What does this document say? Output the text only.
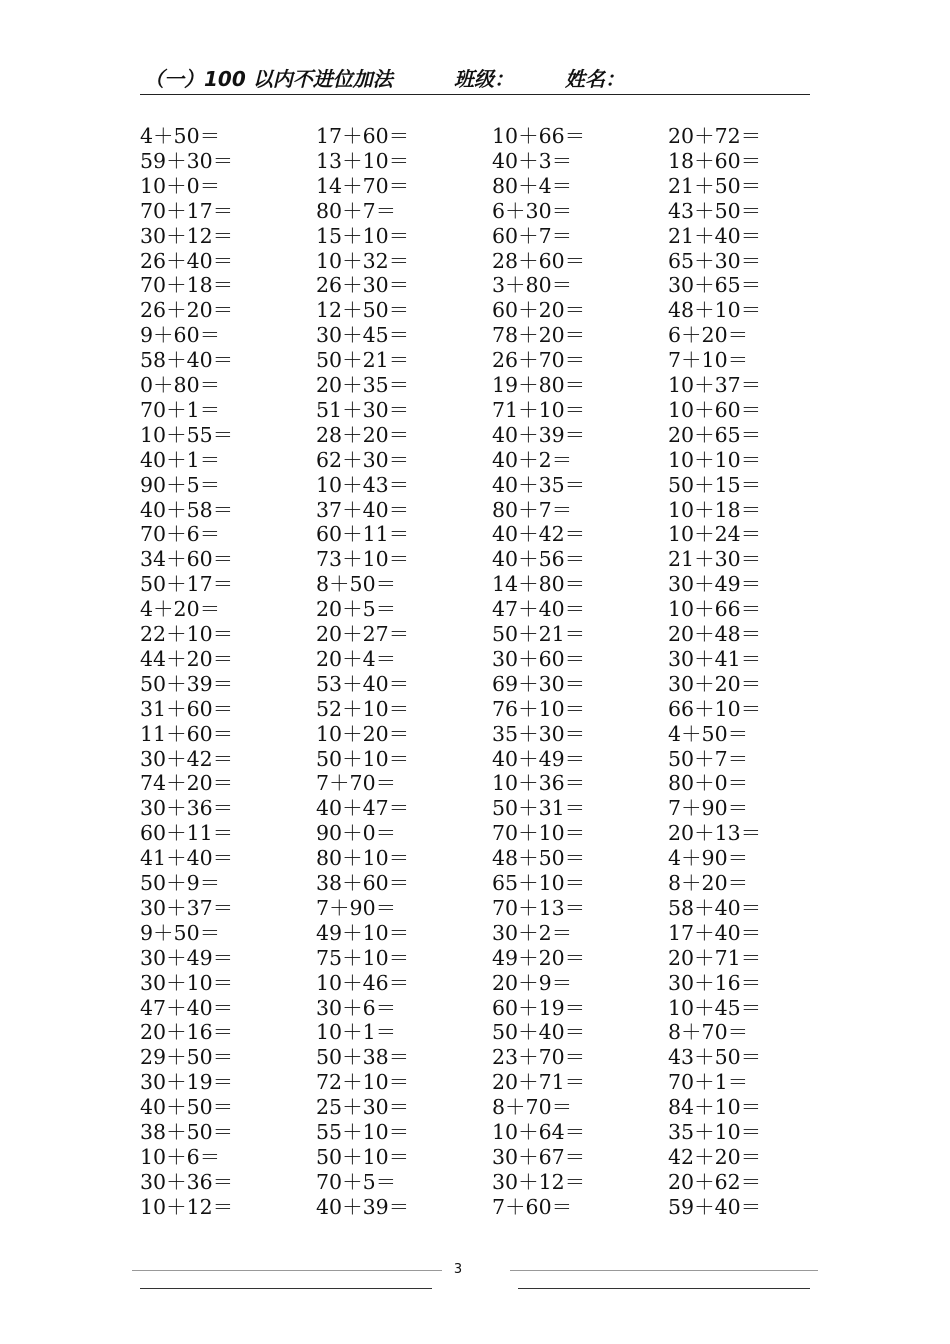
（一）100 以内不进位加法	班级：	姓名：
4＋50＝
59＋30＝
10＋0＝
70＋17＝
30＋12＝
26＋40＝
70＋18＝
26＋20＝
9＋60＝
58＋40＝
0＋80＝
70＋1＝
10＋55＝
40＋1＝
90＋5＝
40＋58＝
70＋6＝
34＋60＝
50＋17＝
4＋20＝
22＋10＝
44＋20＝
50＋39＝
31＋60＝
11＋60＝
30＋42＝
74＋20＝
30＋36＝
60＋11＝
41＋40＝
50＋9＝
30＋37＝
9＋50＝
30＋49＝
30＋10＝
47＋40＝
20＋16＝
29＋50＝
30＋19＝
40＋50＝
38＋50＝
10＋6＝
30＋36＝
10＋12＝
17＋60＝
13＋10＝
14＋70＝
80＋7＝
15＋10＝
10＋32＝
26＋30＝
12＋50＝
30＋45＝
50＋21＝
20＋35＝
51＋30＝
28＋20＝
62＋30＝
10＋43＝
37＋40＝
60＋11＝
73＋10＝
8＋50＝
20＋5＝
20＋27＝
20＋4＝
53＋40＝
52＋10＝
10＋20＝
50＋10＝
7＋70＝
40＋47＝
90＋0＝
80＋10＝
38＋60＝
7＋90＝
49＋10＝
75＋10＝
10＋46＝
30＋6＝
10＋1＝
50＋38＝
72＋10＝
25＋30＝
55＋10＝
50＋10＝
70＋5＝
40＋39＝
10＋66＝
40＋3＝
80＋4＝
6＋30＝
60＋7＝
28＋60＝
3＋80＝
60＋20＝
78＋20＝
26＋70＝
19＋80＝
71＋10＝
40＋39＝
40＋2＝
40＋35＝
80＋7＝
40＋42＝
40＋56＝
14＋80＝
47＋40＝
50＋21＝
30＋60＝
69＋30＝
76＋10＝
35＋30＝
40＋49＝
10＋36＝
50＋31＝
70＋10＝
48＋50＝
65＋10＝
70＋13＝
30＋2＝
49＋20＝
20＋9＝
60＋19＝
50＋40＝
23＋70＝
20＋71＝
8＋70＝
10＋64＝
30＋67＝
30＋12＝
7＋60＝
20＋72＝
18＋60＝
21＋50＝
43＋50＝
21＋40＝
65＋30＝
30＋65＝
48＋10＝
6＋20＝
7＋10＝
10＋37＝
10＋60＝
20＋65＝
10＋10＝
50＋15＝
10＋18＝
10＋24＝
21＋30＝
30＋49＝
10＋66＝
20＋48＝
30＋41＝
30＋20＝
66＋10＝
4＋50＝
50＋7＝
80＋0＝
7＋90＝
20＋13＝
4＋90＝
8＋20＝
58＋40＝
17＋40＝
20＋71＝
30＋16＝
10＋45＝
8＋70＝
43＋50＝
70＋1＝
84＋10＝
35＋10＝
42＋20＝
20＋62＝
59＋40＝
3
